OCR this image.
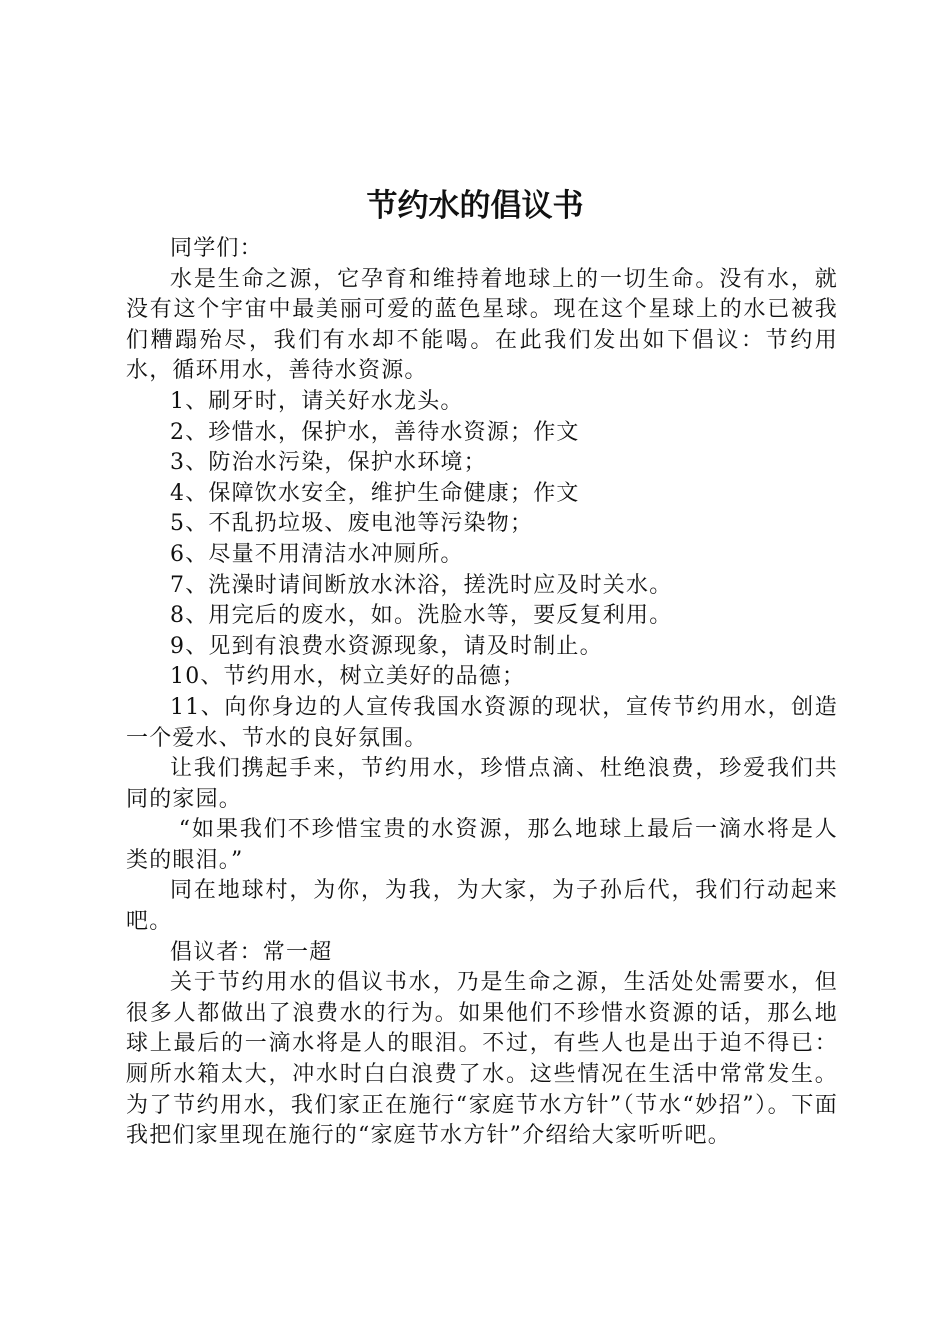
节约水的倡议书

同学们：

水是生命之源，它孕育和维持着地球上的一切生命。没有水，就没有这个宇宙中最美丽可爱的蓝色星球。现在这个星球上的水已被我们糟蹋殆尽，我们有水却不能喝。在此我们发出如下倡议：节约用水，循环用水，善待水资源。

1、刷牙时，请关好水龙头。

2、珍惜水，保护水，善待水资源；作文

3、防治水污染，保护水环境；

4、保障饮水安全，维护生命健康；作文

5、不乱扔垃圾、废电池等污染物；

6、尽量不用清洁水冲厕所。

7、洗澡时请间断放水沐浴，搓洗时应及时关水。

8、用完后的废水，如。洗脸水等，要反复利用。

9、见到有浪费水资源现象，请及时制止。

10、节约用水，树立美好的品德；

11、向你身边的人宣传我国水资源的现状，宣传节约用水，创造一个爱水、节水的良好氛围。

让我们携起手来，节约用水，珍惜点滴、杜绝浪费，珍爱我们共同的家园。

“如果我们不珍惜宝贵的水资源，那么地球上最后一滴水将是人类的眼泪。”

同在地球村，为你，为我，为大家，为子孙后代，我们行动起来吧。

倡议者：常一超

关于节约用水的倡议书水，乃是生命之源，生活处处需要水，但很多人都做出了浪费水的行为。如果他们不珍惜水资源的话，那么地球上最后的一滴水将是人的眼泪。不过，有些人也是出于迫不得已：厕所水箱太大，冲水时白白浪费了水。这些情况在生活中常常发生。为了节约用水，我们家正在施行“家庭节水方针”（节水“妙招”）。下面我把们家里现在施行的“家庭节水方针”介绍给大家听听吧。
